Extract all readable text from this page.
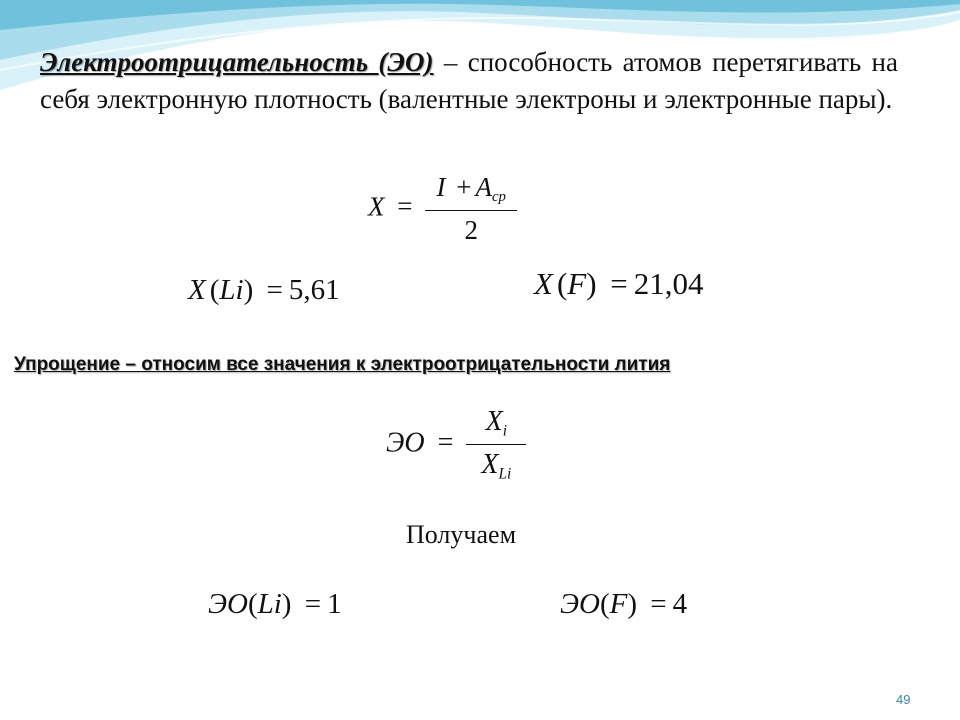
Электроотрицательность (ЭО) – способность атомов перетягивать на себя электронную плотность (валентные электроны и электронные пары).
$X = \frac{I + A_{ср}}{2}$
X (Li) = 5,61	X (F) = 21,04
Упрощение – относим все значения к электроотрицательности лития
ЭО = $\frac{X_i}{X_{Li}}$
Получаем
ЭО(Li) = 1	ЭО(F) = 4
49
